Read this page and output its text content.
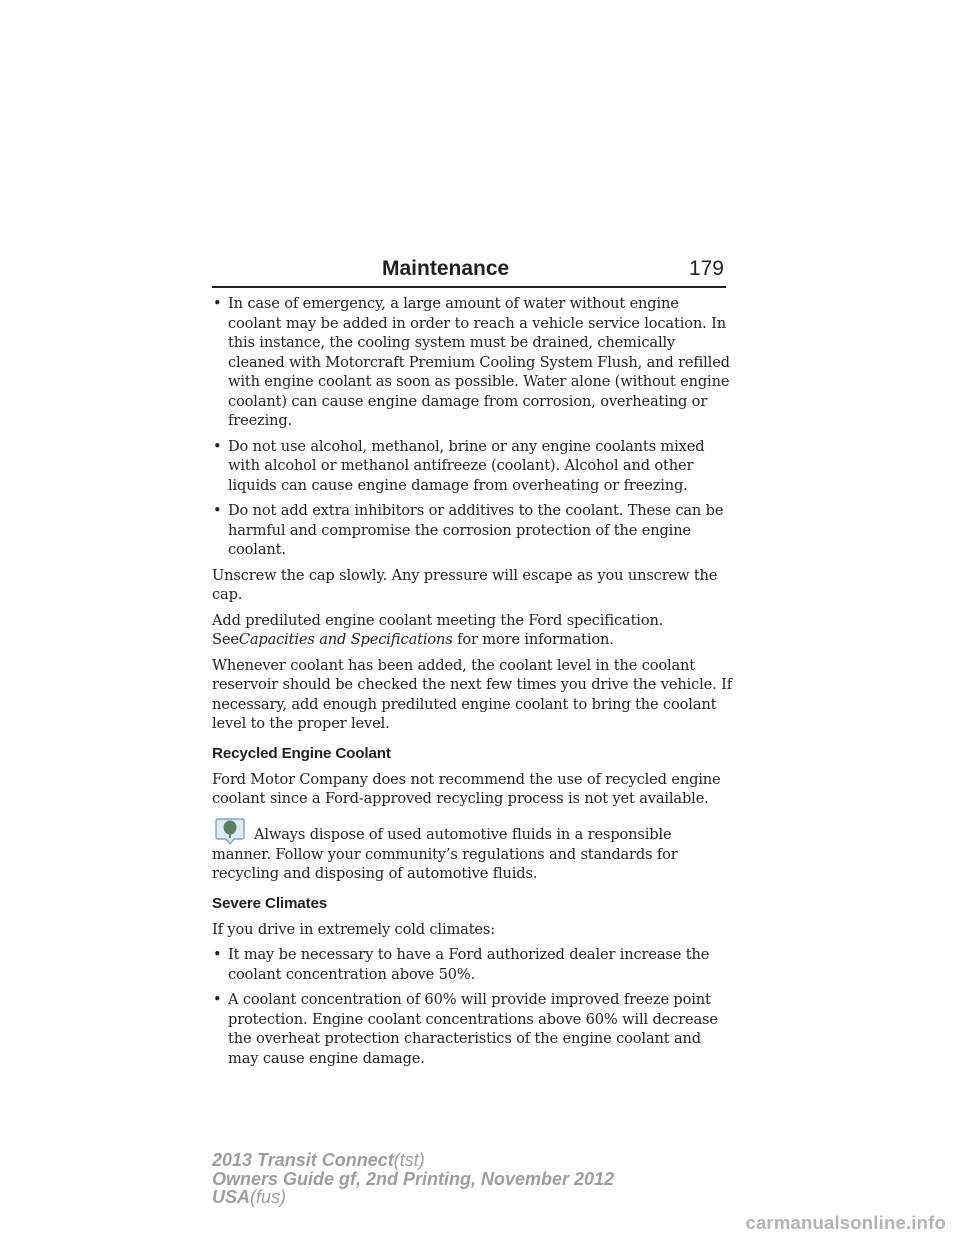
Maintenance	179
• In case of emergency, a large amount of water without engine coolant may be added in order to reach a vehicle service location. In this instance, the cooling system must be drained, chemically cleaned with Motorcraft Premium Cooling System Flush, and refilled with engine coolant as soon as possible. Water alone (without engine coolant) can cause engine damage from corrosion, overheating or freezing.
• Do not use alcohol, methanol, brine or any engine coolants mixed with alcohol or methanol antifreeze (coolant). Alcohol and other liquids can cause engine damage from overheating or freezing.
• Do not add extra inhibitors or additives to the coolant. These can be harmful and compromise the corrosion protection of the engine coolant.

Unscrew the cap slowly. Any pressure will escape as you unscrew the cap.

Add prediluted engine coolant meeting the Ford specification.
SeeCapacities and Specifications for more information.

Whenever coolant has been added, the coolant level in the coolant reservoir should be checked the next few times you drive the vehicle. If necessary, add enough prediluted engine coolant to bring the coolant level to the proper level.

Recycled Engine Coolant

Ford Motor Company does not recommend the use of recycled engine coolant since a Ford-approved recycling process is not yet available.

Always dispose of used automotive fluids in a responsible manner. Follow your community’s regulations and standards for recycling and disposing of automotive fluids.

Severe Climates

If you drive in extremely cold climates:

• It may be necessary to have a Ford authorized dealer increase the coolant concentration above 50%.
• A coolant concentration of 60% will provide improved freeze point protection. Engine coolant concentrations above 60% will decrease the overheat protection characteristics of the engine coolant and may cause engine damage.
2013 Transit Connect(tst)
Owners Guide gf, 2nd Printing, November 2012
USA(fus)
carmanualsonline.info
